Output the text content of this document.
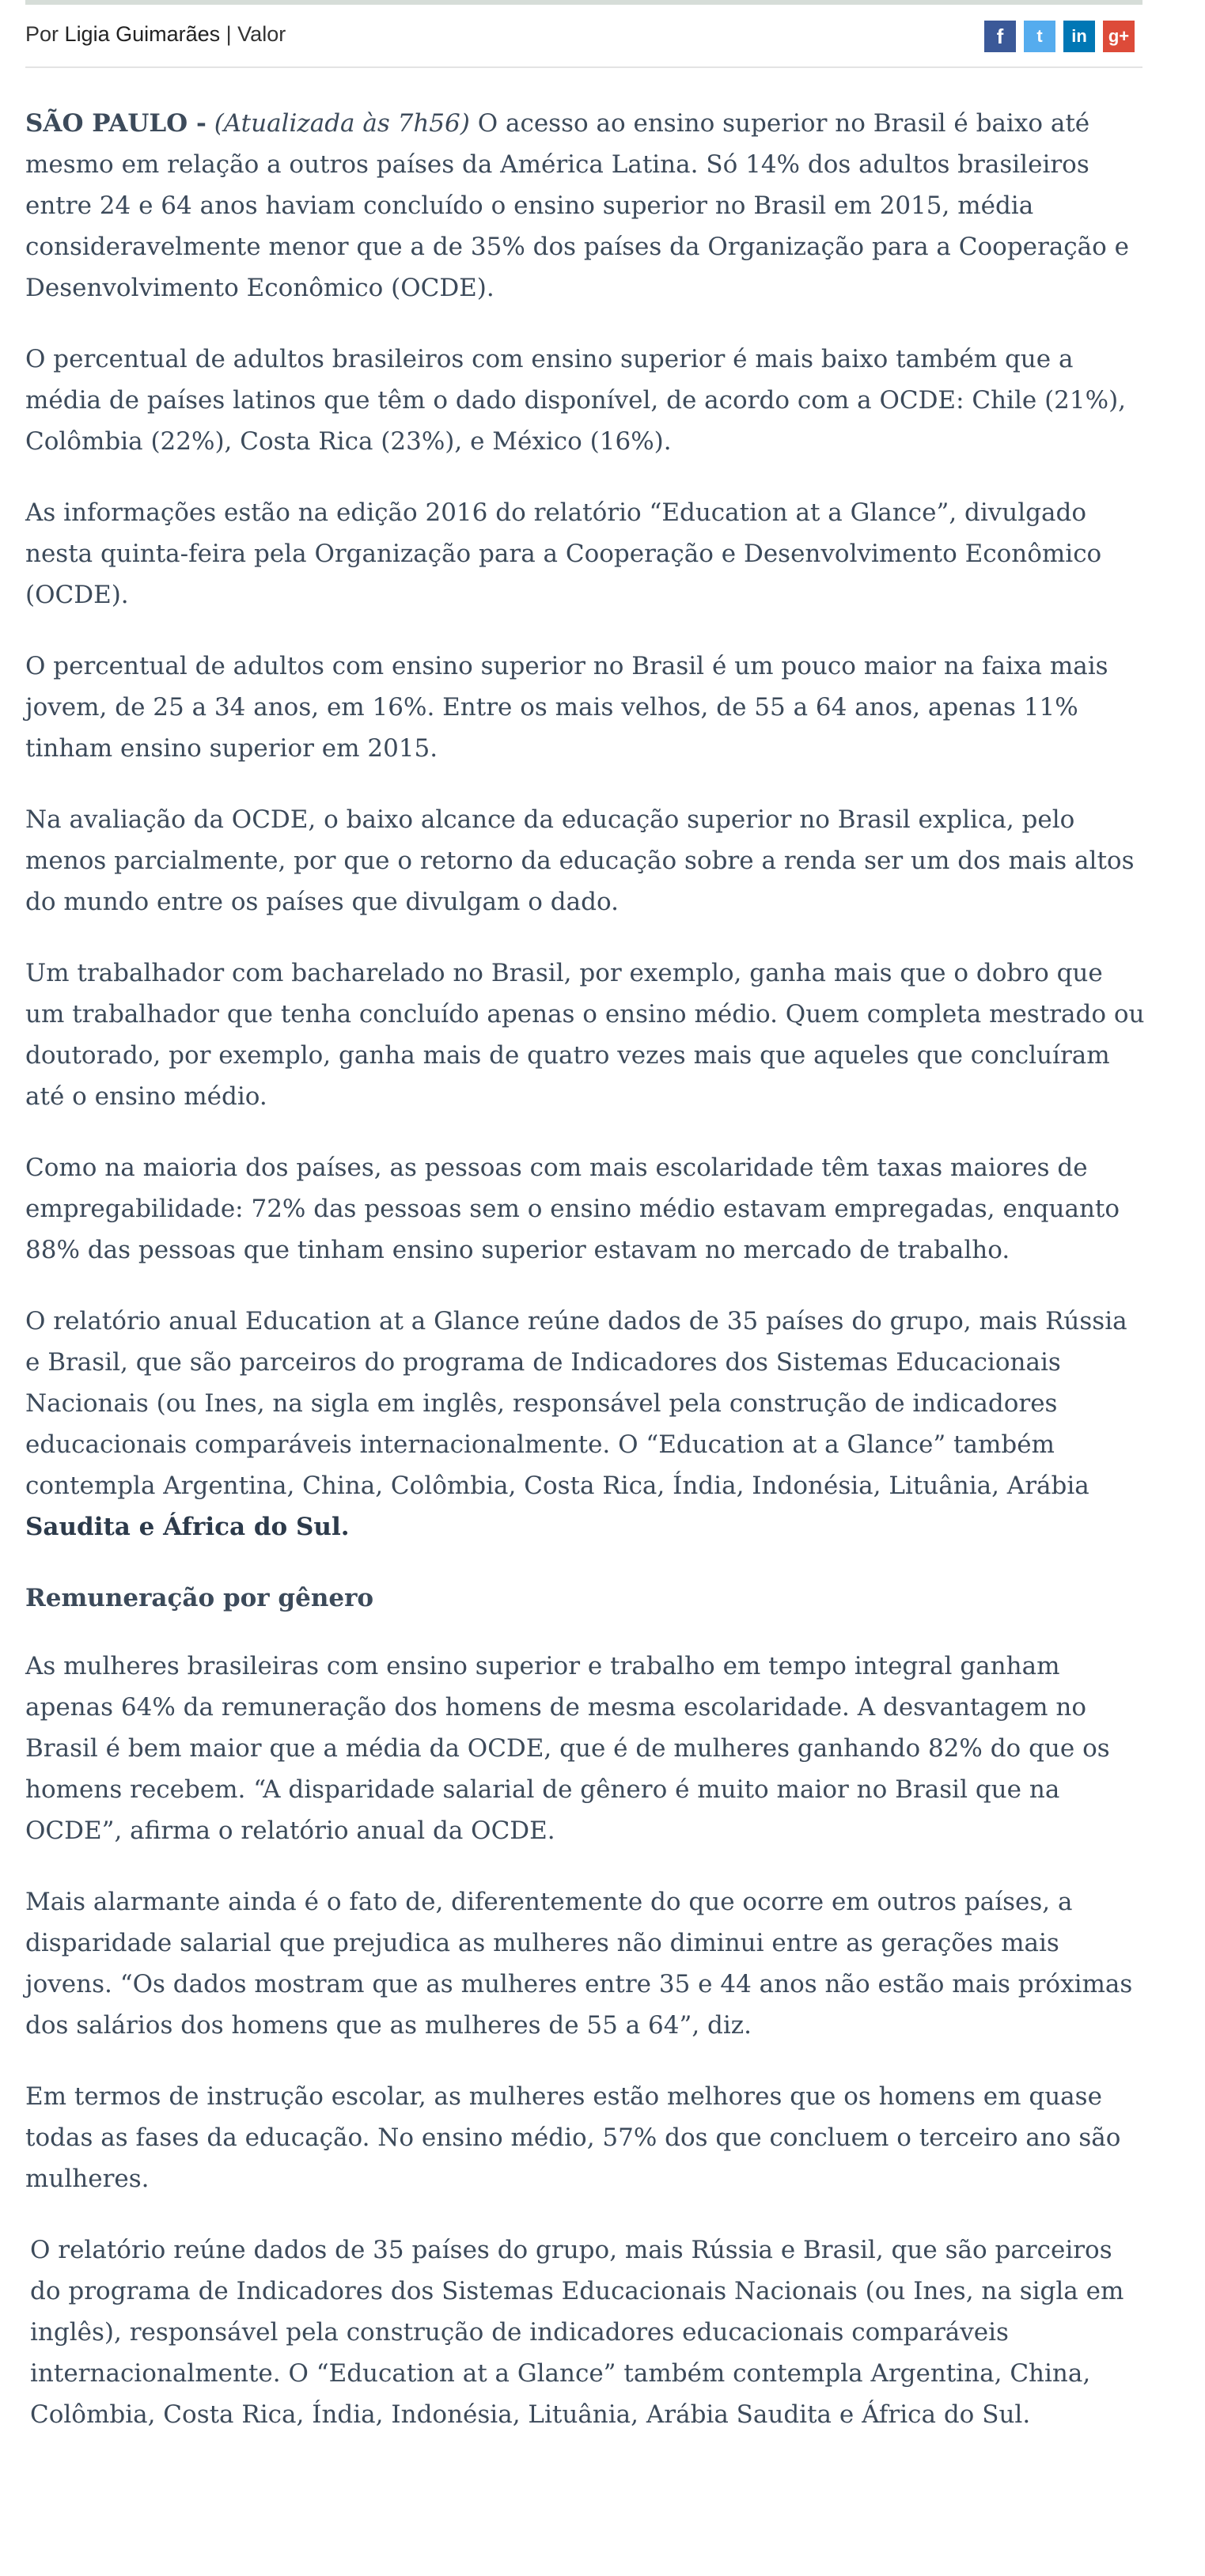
Por Ligia Guimarães | Valor	f	t	in	g+

SÃO PAULO - (Atualizada às 7h56) O acesso ao ensino superior no Brasil é baixo até mesmo em relação a outros países da América Latina. Só 14% dos adultos brasileiros entre 24 e 64 anos haviam concluído o ensino superior no Brasil em 2015, média consideravelmente menor que a de 35% dos países da Organização para a Cooperação e Desenvolvimento Econômico (OCDE).

O percentual de adultos brasileiros com ensino superior é mais baixo também que a média de países latinos que têm o dado disponível, de acordo com a OCDE: Chile (21%), Colômbia (22%), Costa Rica (23%), e México (16%).

As informações estão na edição 2016 do relatório “Education at a Glance”, divulgado nesta quinta-feira pela Organização para a Cooperação e Desenvolvimento Econômico (OCDE).

O percentual de adultos com ensino superior no Brasil é um pouco maior na faixa mais jovem, de 25 a 34 anos, em 16%. Entre os mais velhos, de 55 a 64 anos, apenas 11% tinham ensino superior em 2015.

Na avaliação da OCDE, o baixo alcance da educação superior no Brasil explica, pelo menos parcialmente, por que o retorno da educação sobre a renda ser um dos mais altos do mundo entre os países que divulgam o dado.

Um trabalhador com bacharelado no Brasil, por exemplo, ganha mais que o dobro que um trabalhador que tenha concluído apenas o ensino médio. Quem completa mestrado ou doutorado, por exemplo, ganha mais de quatro vezes mais que aqueles que concluíram até o ensino médio.

Como na maioria dos países, as pessoas com mais escolaridade têm taxas maiores de empregabilidade: 72% das pessoas sem o ensino médio estavam empregadas, enquanto 88% das pessoas que tinham ensino superior estavam no mercado de trabalho.

O relatório anual Education at a Glance reúne dados de 35 países do grupo, mais Rússia e Brasil, que são parceiros do programa de Indicadores dos Sistemas Educacionais Nacionais (ou Ines, na sigla em inglês, responsável pela construção de indicadores educacionais comparáveis internacionalmente. O “Education at a Glance” também contempla Argentina, China, Colômbia, Costa Rica, Índia, Indonésia, Lituânia, Arábia Saudita e África do Sul.

Remuneração por gênero

As mulheres brasileiras com ensino superior e trabalho em tempo integral ganham apenas 64% da remuneração dos homens de mesma escolaridade. A desvantagem no Brasil é bem maior que a média da OCDE, que é de mulheres ganhando 82% do que os homens recebem. “A disparidade salarial de gênero é muito maior no Brasil que na OCDE”, afirma o relatório anual da OCDE.

Mais alarmante ainda é o fato de, diferentemente do que ocorre em outros países, a disparidade salarial que prejudica as mulheres não diminui entre as gerações mais jovens. “Os dados mostram que as mulheres entre 35 e 44 anos não estão mais próximas dos salários dos homens que as mulheres de 55 a 64”, diz.

Em termos de instrução escolar, as mulheres estão melhores que os homens em quase todas as fases da educação. No ensino médio, 57% dos que concluem o terceiro ano são mulheres.

O relatório reúne dados de 35 países do grupo, mais Rússia e Brasil, que são parceiros do programa de Indicadores dos Sistemas Educacionais Nacionais (ou Ines, na sigla em inglês), responsável pela construção de indicadores educacionais comparáveis internacionalmente. O “Education at a Glance” também contempla Argentina, China, Colômbia, Costa Rica, Índia, Indonésia, Lituânia, Arábia Saudita e África do Sul.
